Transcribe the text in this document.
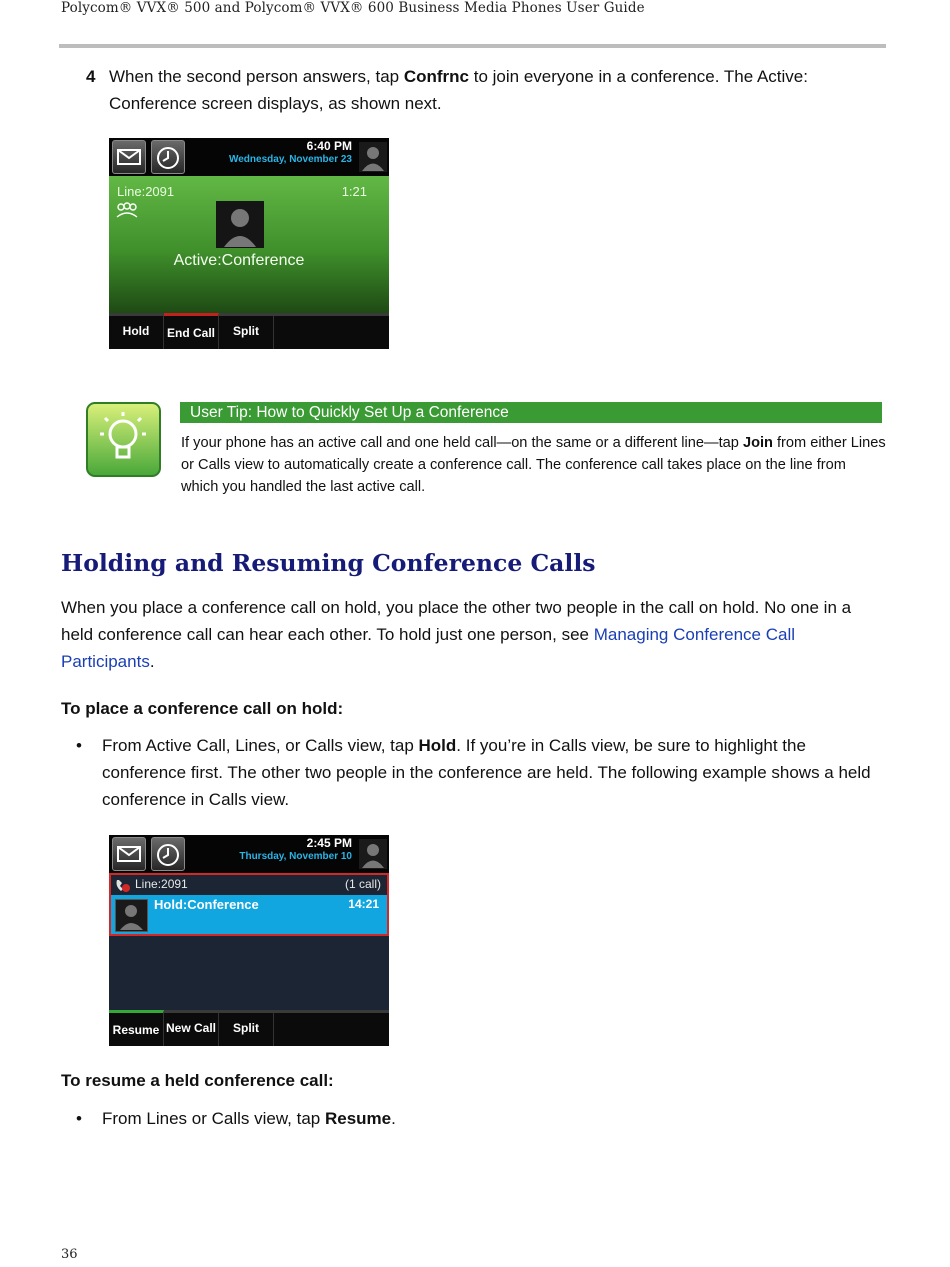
Polycom® VVX® 500 and Polycom® VVX® 600 Business Media Phones User Guide
4 When the second person answers, tap Confrnc to join everyone in a conference. The Active: Conference screen displays, as shown next.
6:40 PM
Wednesday, November 23
Line:2091	1:21
Active:Conference
Hold	End Call	Split
User Tip: How to Quickly Set Up a Conference
If your phone has an active call and one held call—on the same or a different line—tap Join from either Lines or Calls view to automatically create a conference call. The conference call takes place on the line from which you handled the last active call.
Holding and Resuming Conference Calls
When you place a conference call on hold, you place the other two people in the call on hold. No one in a held conference call can hear each other. To hold just one person, see Managing Conference Call Participants.
To place a conference call on hold:
• From Active Call, Lines, or Calls view, tap Hold. If you’re in Calls view, be sure to highlight the conference first. The other two people in the conference are held. The following example shows a held conference in Calls view.
2:45 PM
Thursday, November 10
Line:2091	(1 call)
Hold:Conference	14:21
Resume New Call	Split
To resume a held conference call:
• From Lines or Calls view, tap Resume.
36
